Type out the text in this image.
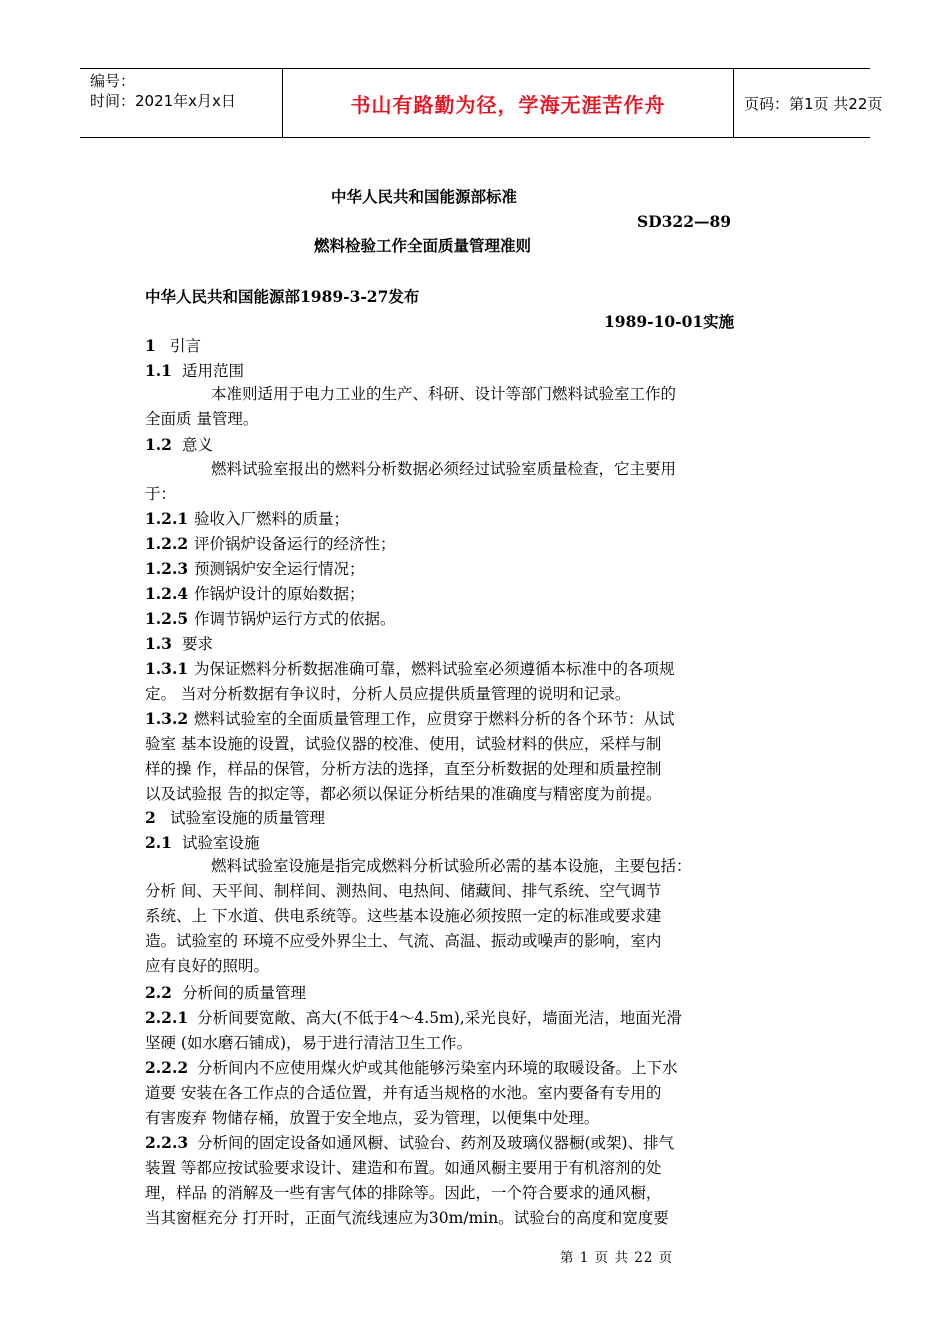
编号：
时间：2021年x月x日	书山有路勤为径，学海无涯苦作舟	页码：第1页 共22页
中华人民共和国能源部标准
SD322—89
燃料检验工作全面质量管理准则
中华人民共和国能源部1989-3-27发布
1989-10-01实施
1 引言
1.1 适用范围
本准则适用于电力工业的生产、科研、设计等部门燃料试验室工作的
全面质 量管理。
1.2 意义
燃料试验室报出的燃料分析数据必须经过试验室质量检查，它主要用
于：
1.2.1 验收入厂燃料的质量；
1.2.2 评价锅炉设备运行的经济性；
1.2.3 预测锅炉安全运行情况；
1.2.4 作锅炉设计的原始数据；
1.2.5 作调节锅炉运行方式的依据。
1.3 要求
1.3.1 为保证燃料分析数据准确可靠，燃料试验室必须遵循本标准中的各项规
定。 当对分析数据有争议时，分析人员应提供质量管理的说明和记录。
1.3.2 燃料试验室的全面质量管理工作，应贯穿于燃料分析的各个环节：从试
验室 基本设施的设置，试验仪器的校准、使用，试验材料的供应，采样与制
样的操 作，样品的保管，分析方法的选择，直至分析数据的处理和质量控制
以及试验报 告的拟定等，都必须以保证分析结果的准确度与精密度为前提。
2 试验室设施的质量管理
2.1 试验室设施
燃料试验室设施是指完成燃料分析试验所必需的基本设施，主要包括：
分析 间、天平间、制样间、测热间、电热间、储藏间、排气系统、空气调节
系统、上 下水道、供电系统等。这些基本设施必须按照一定的标准或要求建
造。试验室的 环境不应受外界尘土、气流、高温、振动或噪声的影响，室内
应有良好的照明。
2.2 分析间的质量管理
2.2.1 分析间要宽敞、高大(不低于4～4.5m),采光良好，墙面光洁，地面光滑
坚硬 (如水磨石铺成)，易于进行清洁卫生工作。
2.2.2 分析间内不应使用煤火炉或其他能够污染室内环境的取暖设备。上下水
道要 安装在各工作点的合适位置，并有适当规格的水池。室内要备有专用的
有害废弃 物储存桶，放置于安全地点，妥为管理，以便集中处理。
2.2.3 分析间的固定设备如通风橱、试验台、药剂及玻璃仪器橱(或架)、排气
装置 等都应按试验要求设计、建造和布置。如通风橱主要用于有机溶剂的处
理，样品 的消解及一些有害气体的排除等。因此，一个符合要求的通风橱，
当其窗框充分 打开时，正面气流线速应为30m/min。试验台的高度和宽度要
第 1 页 共 22 页
